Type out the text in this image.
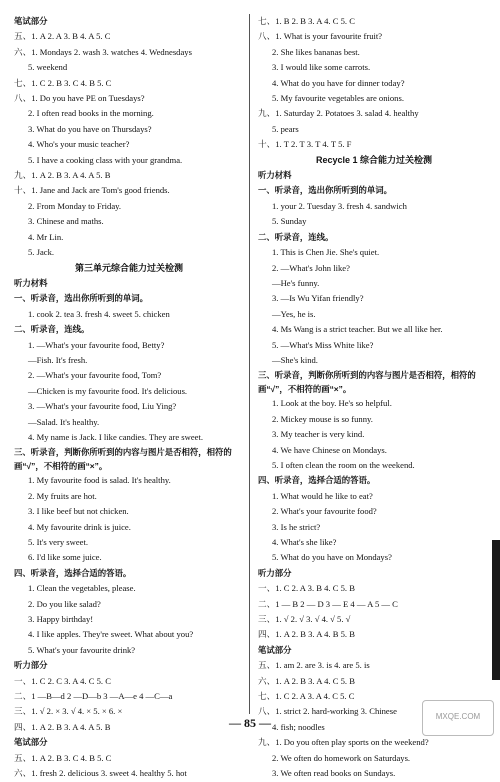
笔试部分
五、1. A 2. A 3. B 4. A 5. C
六、1. Mondays 2. wash 3. watches 4. Wednesdays
5. weekend
七、1. C 2. B 3. C 4. B 5. C
八、1. Do you have PE on Tuesdays?
2. I often read books in the morning.
3. What do you have on Thursdays?
4. Who's your music teacher?
5. I have a cooking class with your grandma.
九、1. A 2. B 3. A 4. A 5. B
十、1. Jane and Jack are Tom's good friends.
2. From Monday to Friday.
3. Chinese and maths.
4. Mr Lin.
5. Jack.
第三单元综合能力过关检测
听力材料
一、听录音，选出你所听到的单词。
1. cook 2. tea 3. fresh 4. sweet 5. chicken
二、听录音，连线。
1. —What's your favourite food, Betty?
—Fish. It's fresh.
2. —What's your favourite food, Tom?
—Chicken is my favourite food. It's delicious.
3. —What's your favourite food, Liu Ying?
—Salad. It's healthy.
4. My name is Jack. I like candies. They are sweet.
三、听录音，判断你所听到的内容与图片是否相符，相符的画“√”，不相符的画“×”。
1. My favourite food is salad. It's healthy.
2. My fruits are hot.
3. I like beef but not chicken.
4. My favourite drink is juice.
5. It's very sweet.
6. I'd like some juice.
四、听录音，选择合适的答语。
1. Clean the vegetables, please.
2. Do you like salad?
3. Happy birthday!
4. I like apples. They're sweet. What about you?
5. What's your favourite drink?
听力部分
一、1. C 2. C 3. A 4. C 5. C
二、1 —B—d 2 —D—b 3 —A—e 4 —C—a
三、1. √ 2. × 3. √ 4. × 5. × 6. ×
四、1. A 2. B 3. A 4. A 5. B
笔试部分
五、1. A 2. B 3. C 4. B 5. C
六、1. fresh 2. delicious 3. sweet 4. healthy 5. hot
七、1. B 2. B 3. A 4. C 5. C
八、1. What is your favourite fruit?
2. She likes bananas best.
3. I would like some carrots.
4. What do you have for dinner today?
5. My favourite vegetables are onions.
九、1. Saturday 2. Potatoes 3. salad 4. healthy
5. pears
十、1. T 2. T 3. T 4. T 5. F
Recycle 1 综合能力过关检测
听力材料
一、听录音，选出你所听到的单词。
1. your 2. Tuesday 3. fresh 4. sandwich
5. Sunday
二、听录音，连线。
1. This is Chen Jie. She's quiet.
2. —What's John like?
—He's funny.
3. —Is Wu Yifan friendly?
—Yes, he is.
4. Ms Wang is a strict teacher. But we all like her.
5. —What's Miss White like?
—She's kind.
三、听录音，判断你所听到的内容与图片是否相符，相符的画“√”，不相符的画“×”。
1. Look at the boy. He's so helpful.
2. Mickey mouse is so funny.
3. My teacher is very kind.
4. We have Chinese on Mondays.
5. I often clean the room on the weekend.
四、听录音，选择合适的答语。
1. What would he like to eat?
2. What's your favourite food?
3. Is he strict?
4. What's she like?
5. What do you have on Mondays?
听力部分
一、1. C 2. A 3. B 4. C 5. B
二、1 — B 2 — D 3 — E 4 — A 5 — C
三、1. √ 2. √ 3. √ 4. √ 5. √
四、1. A 2. B 3. A 4. B 5. B
笔试部分
五、1. am 2. are 3. is 4. are 5. is
六、1. A 2. B 3. A 4. C 5. B
七、1. C 2. A 3. A 4. C 5. C
八、1. strict 2. hard-working 3. Chinese
4. fish; noodles
九、1. Do you often play sports on the weekend?
2. We often do homework on Saturdays.
3. We often read books on Sundays.
— 85 —	MXQE.COM
